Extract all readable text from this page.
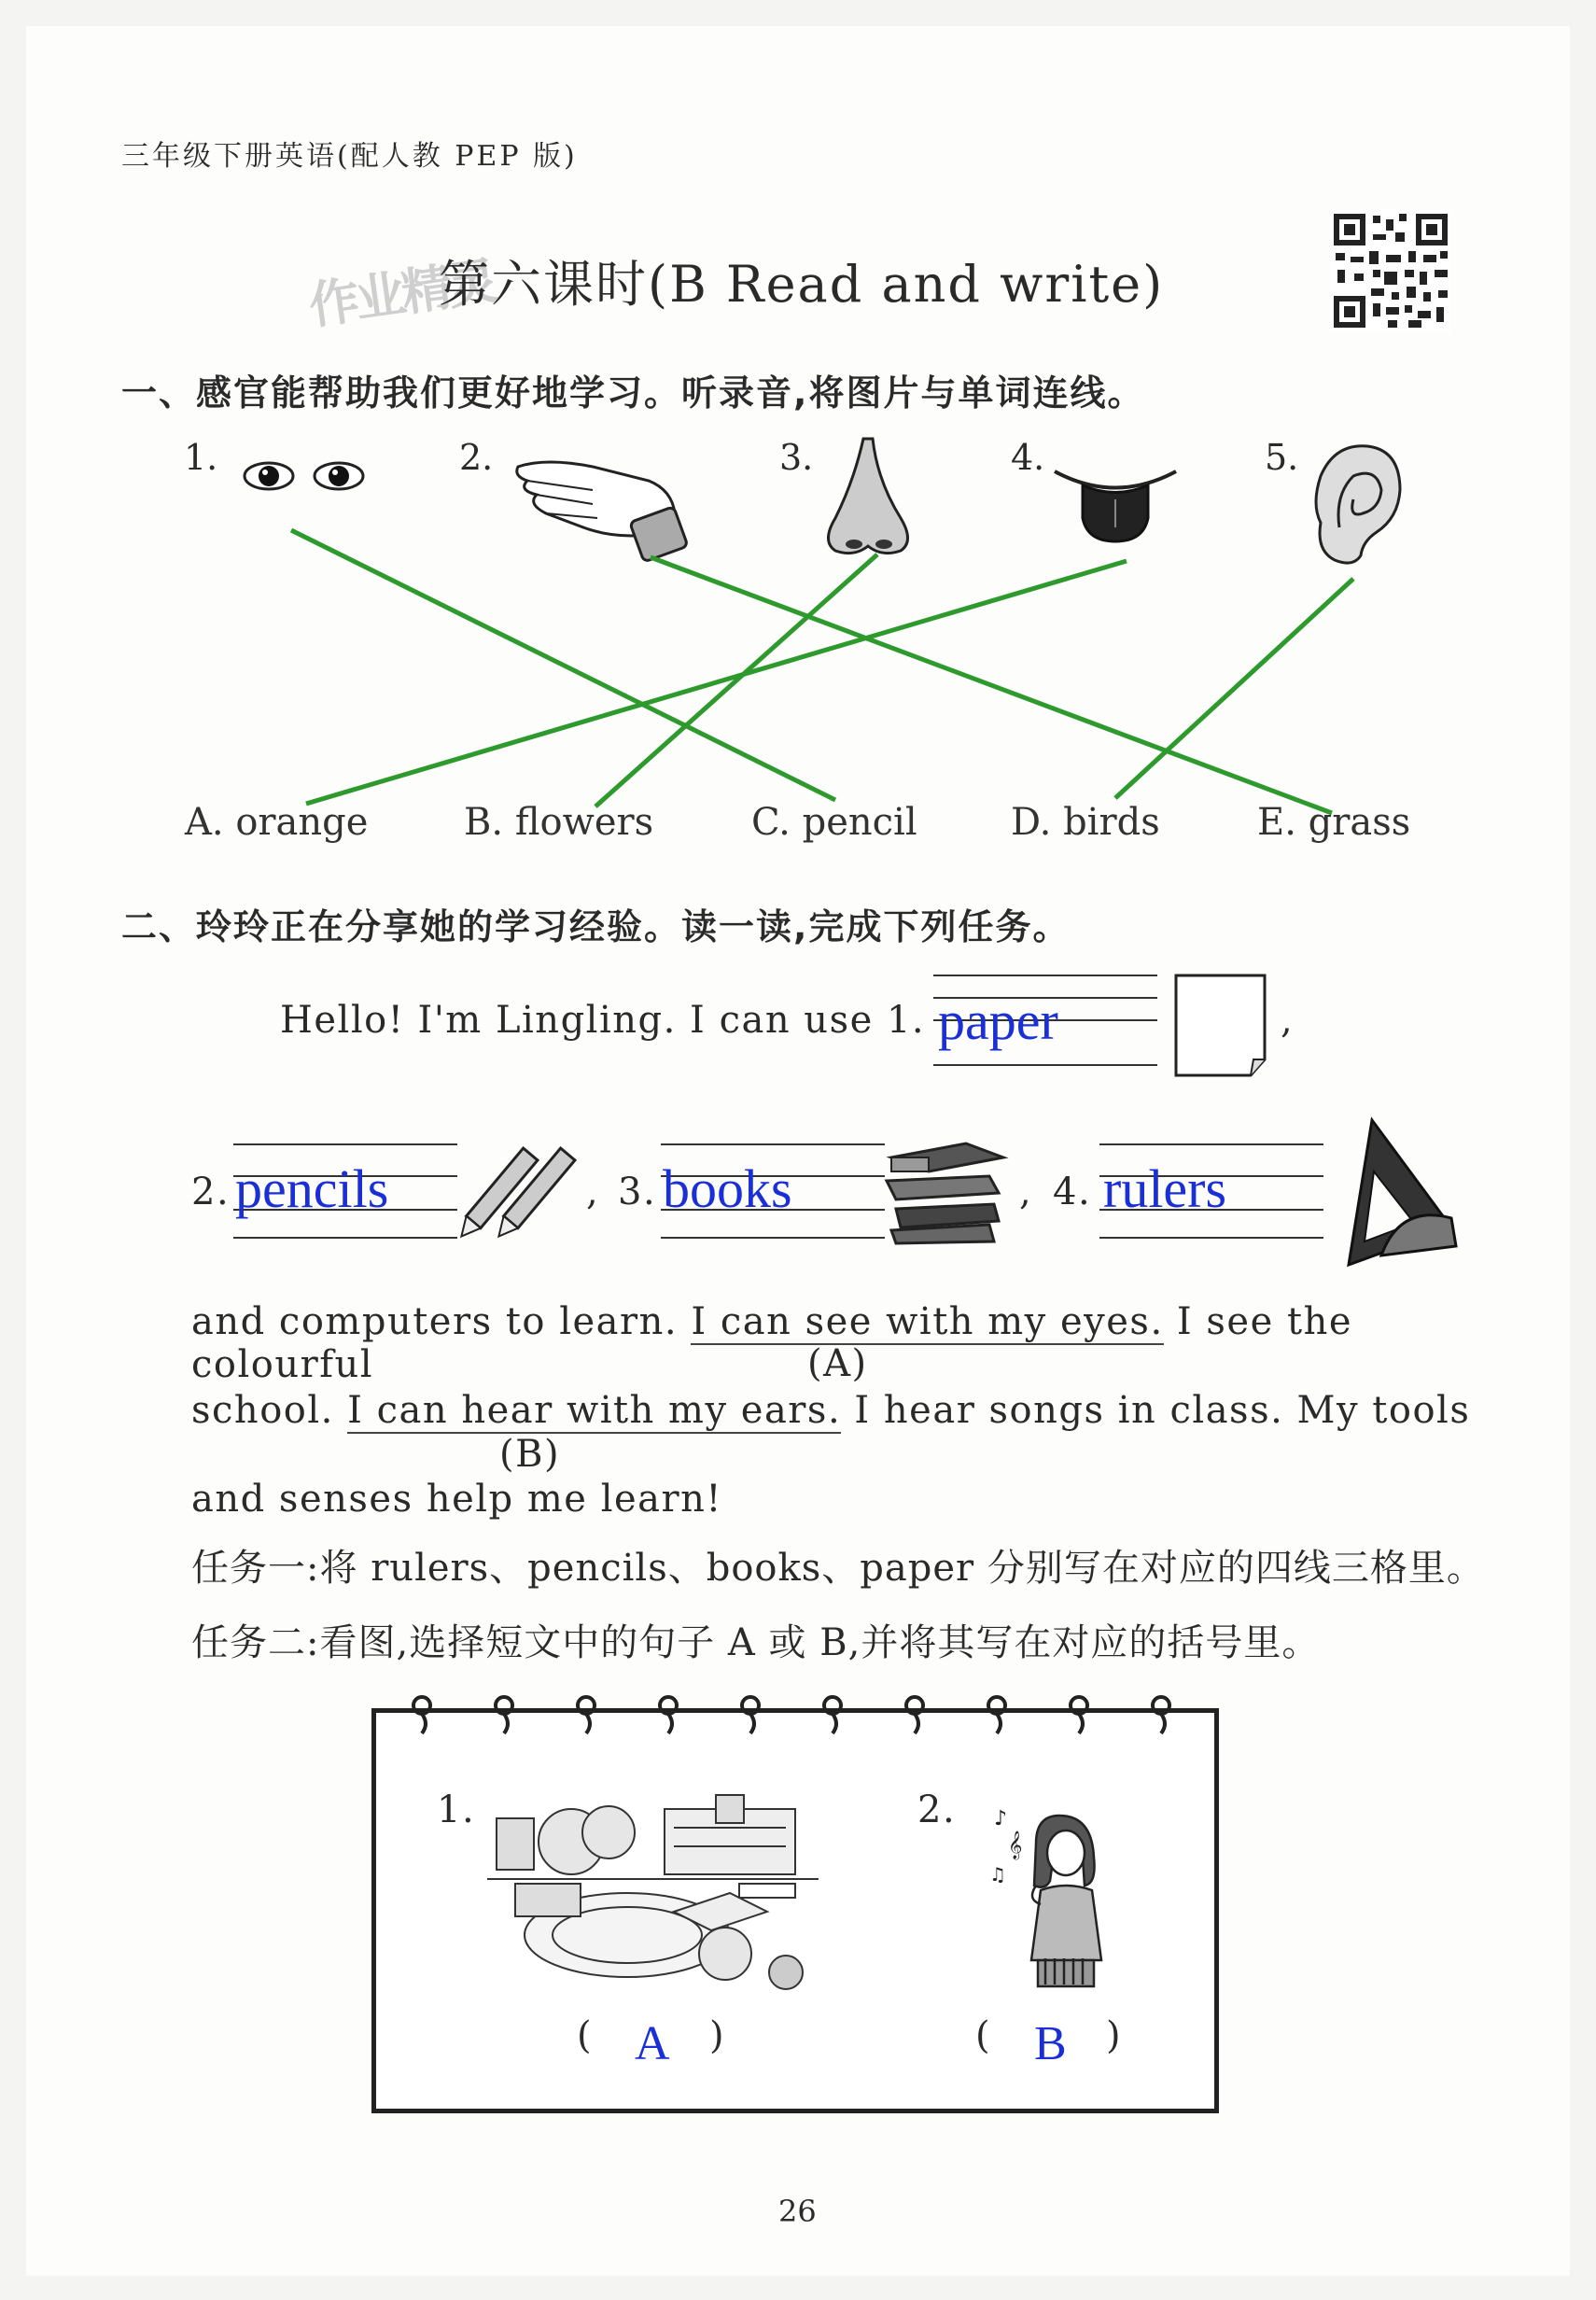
三年级下册英语(配人教 PEP 版)
作业精灵
第六课时(B Read and write)
一、感官能帮助我们更好地学习。听录音,将图片与单词连线。
1.	2.	3.	4.	5.
A. orange	B. flowers	C. pencil	D. birds	E. grass
二、玲玲正在分享她的学习经验。读一读,完成下列任务。
Hello! I'm Lingling. I can use 1. paper	,
2. pencils	, 3. books	, 4. rulers
and computers to learn. I can see with my eyes. I see the colourful	(A)
school. I can hear with my ears. I hear songs in class. My tools
(B)
and senses help me learn!
任务一:将 rulers、pencils、books、paper 分别写在对应的四线三格里。
任务二:看图,选择短文中的句子 A 或 B,并将其写在对应的括号里。
1.	2. ♪
𝄞
♫
( A )	( B )
26
